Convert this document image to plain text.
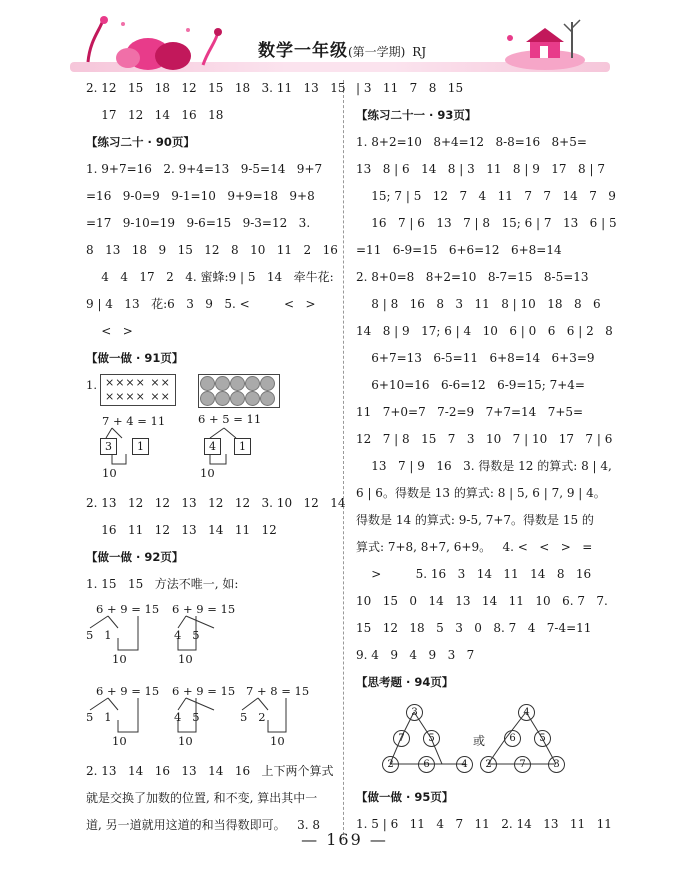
数学一年级(第一学期) RJ
2. 12   15   18   12   15   18   3. 11   13   15
17   12   14   16   18
【练习二十 · 90页】
1. 9+7=16   2. 9+4=13   9-5=14   9+7
=16   9-0=9   9-1=10   9+9=18   9+8
=17   9-10=19   9-6=15   9-3=12   3.
8   13   18   9   15   12   8   10   11   2   16
4   4   17   2   4. 蜜蜂:9 | 5   14   牵牛花:
9 | 4   13   花:6   3   9   5. <         <   >
<   >
【做一做 · 91页】
2. 13   12   12   13   12   12   3. 10   12   14
16   11   12   13   14   11   12
【做一做 · 92页】
1. 15   15   方法不唯一, 如:
2. 13   14   16   13   14   16   上下两个算式
就是交换了加数的位置, 和不变, 算出其中一
道, 另一道就用这道的和当得数即可。   3. 8
| 3   11   7   8   15
【练习二十一 · 93页】
1. 8+2=10   8+4=12   8-8=16   8+5=
13   8 | 6   14   8 | 3   11   8 | 9   17   8 | 7
15; 7 | 5   12   7   4   11   7   7   14   7   9
16   7 | 6   13   7 | 8   15; 6 | 7   13   6 | 5
=11   6-9=15   6+6=12   6+8=14
2. 8+0=8   8+2=10   8-7=15   8-5=13
8 | 8   16   8   3   11   8 | 10   18   8   6
14   8 | 9   17; 6 | 4   10   6 | 0   6   6 | 2   8
6+7=13   6-5=11   6+8=14   6+3=9
6+10=16   6-6=12   6-9=15; 7+4=
11   7+0=7   7-2=9   7+7=14   7+5=
12   7 | 8   15   7   3   10   7 | 10   17   7 | 6
13   7 | 9   16   3. 得数是 12 的算式: 8 | 4,
6 | 6。得数是 13 的算式: 8 | 5, 6 | 7, 9 | 4。
得数是 14 的算式: 9-5, 7+7。得数是 15 的
算式: 7+8, 8+7, 6+9。   4. <   <   >   =
>         5. 16   3   14   11   14   8   16
10   15   0   14   13   14   11   10   6. 7   7.
15   12   18   5   3   0   8. 7   4   7-4=11
9. 4   9   4   9   3   7
【思考题 · 94页】
【做一做 · 95页】
1. 5 | 6   11   4   7   11   2. 14   13   11   11
1. ×××× ××
×××× ××
7 + 4 = 11
3	1
10
6 + 5 = 11
4	1
10
6 + 9 = 15 6 + 9 = 15
5   1	4   5
10	10
6 + 9 = 15 6 + 9 = 15 7 + 8 = 15
5   1	4   5	5   2
10	10	10
3
7	5
2	6	4
或
4
6	5
2	7	3
— 169 —
